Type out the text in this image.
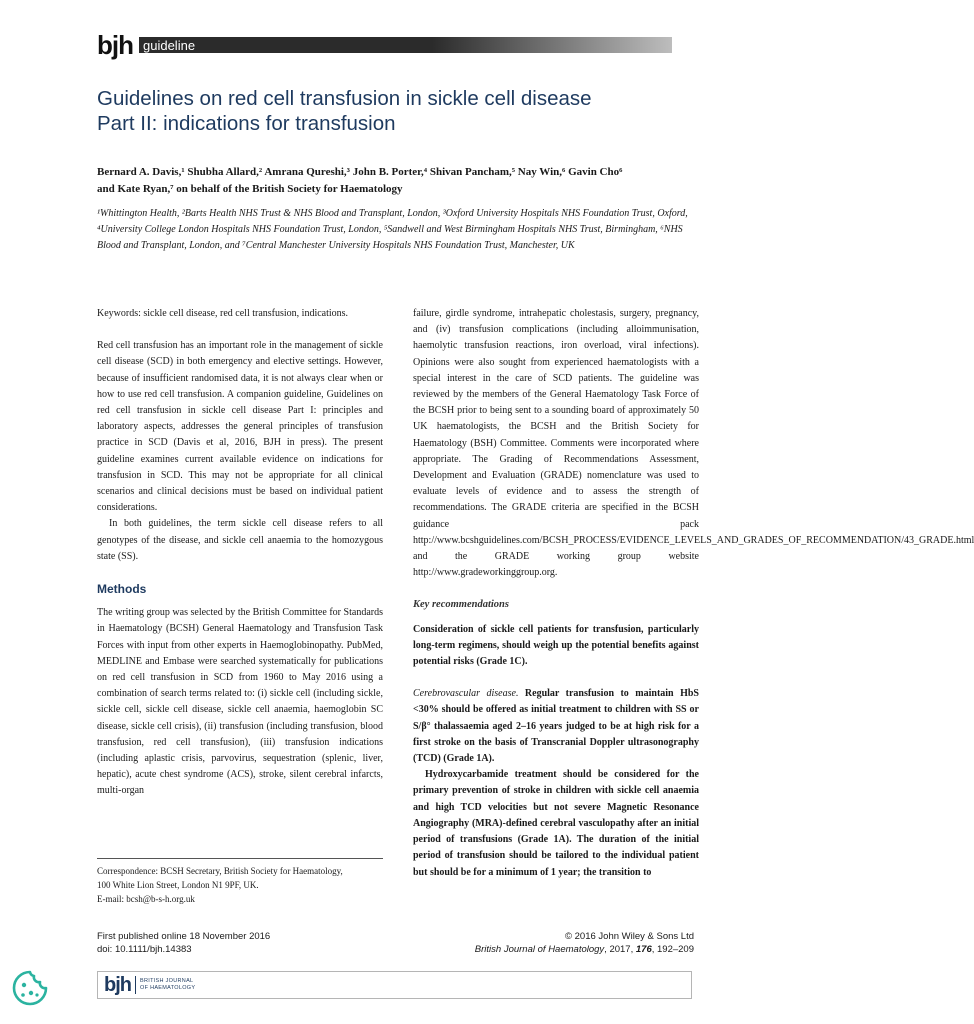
bjh guideline
Guidelines on red cell transfusion in sickle cell disease
Part II: indications for transfusion
Bernard A. Davis,¹ Shubha Allard,² Amrana Qureshi,³ John B. Porter,⁴ Shivan Pancham,⁵ Nay Win,⁶ Gavin Cho⁶
and Kate Ryan,⁷ on behalf of the British Society for Haematology

¹Whittington Health, ²Barts Health NHS Trust & NHS Blood and Transplant, London, ³Oxford University Hospitals NHS Foundation Trust, Oxford, ⁴University College London Hospitals NHS Foundation Trust, London, ⁵Sandwell and West Birmingham Hospitals NHS Trust, Birmingham, ⁶NHS Blood and Transplant, London, and ⁷Central Manchester University Hospitals NHS Foundation Trust, Manchester, UK

Keywords: sickle cell disease, red cell transfusion, indications.

Red cell transfusion has an important role in the management of sickle cell disease (SCD) in both emergency and elective settings. However, because of insufficient randomised data, it is not always clear when or how to use red cell transfusion. A companion guideline, Guidelines on red cell transfusion in sickle cell disease Part I: principles and laboratory aspects, addresses the general principles of transfusion practice in SCD (Davis et al, 2016, BJH in press). The present guideline examines current available evidence on indications for transfusion in SCD. This may not be appropriate for all clinical scenarios and clinical decisions must be based on individual patient considerations.

In both guidelines, the term sickle cell disease refers to all genotypes of the disease, and sickle cell anaemia to the homozygous state (SS).

Methods

The writing group was selected by the British Committee for Standards in Haematology (BCSH) General Haematology and Transfusion Task Forces with input from other experts in Haemoglobinopathy. PubMed, MEDLINE and Embase were searched systematically for publications on red cell transfusion in SCD from 1960 to May 2016 using a combination of search terms related to: (i) sickle cell (including sickle, sickle cell, sickle cell disease, sickle cell anaemia, haemoglobin SC disease, sickle cell crisis), (ii) transfusion (including transfusion, blood transfusion, red cell transfusion), (iii) transfusion indications (including aplastic crisis, parvovirus, sequestration (splenic, liver, hepatic), acute chest syndrome (ACS), stroke, silent cerebral infarcts, multi-organ

failure, girdle syndrome, intrahepatic cholestasis, surgery, pregnancy, and (iv) transfusion complications (including alloimmunisation, haemolytic transfusion reactions, iron overload, viral infections). Opinions were also sought from experienced haematologists with a special interest in the care of SCD patients. The guideline was reviewed by the members of the General Haematology Task Force of the BCSH prior to being sent to a sounding board of approximately 50 UK haematologists, the BCSH and the British Society for Haematology (BSH) Committee. Comments were incorporated where appropriate. The Grading of Recommendations Assessment, Development and Evaluation (GRADE) nomenclature was used to evaluate levels of evidence and to assess the strength of recommendations. The GRADE criteria are specified in the BCSH guidance pack http://www.bcshguidelines.com/BCSH_PROCESS/EVIDENCE_LEVELS_AND_GRADES_OF_RECOMMENDATION/43_GRADE.html and the GRADE working group website http://www.gradeworkinggroup.org.

Key recommendations

Consideration of sickle cell patients for transfusion, particularly long-term regimens, should weigh up the potential benefits against potential risks (Grade 1C).

Cerebrovascular disease. Regular transfusion to maintain HbS <30% should be offered as initial treatment to children with SS or S/β° thalassaemia aged 2–16 years judged to be at high risk for a first stroke on the basis of Transcranial Doppler ultrasonography (TCD) (Grade 1A).

Hydroxycarbamide treatment should be considered for the primary prevention of stroke in children with sickle cell anaemia and high TCD velocities but not severe Magnetic Resonance Angiography (MRA)-defined cerebral vasculopathy after an initial period of transfusions (Grade 1A). The duration of the initial period of transfusion should be tailored to the individual patient but should be for a minimum of 1 year; the transition to

Correspondence: BCSH Secretary, British Society for Haematology,
100 White Lion Street, London N1 9PF, UK.
E-mail: bcsh@b-s-h.org.uk
First published online 18 November 2016
doi: 10.1111/bjh.14383
© 2016 John Wiley & Sons Ltd
British Journal of Haematology, 2017, 176, 192–209
bjh BRITISH JOURNAL
OF HAEMATOLOGY
